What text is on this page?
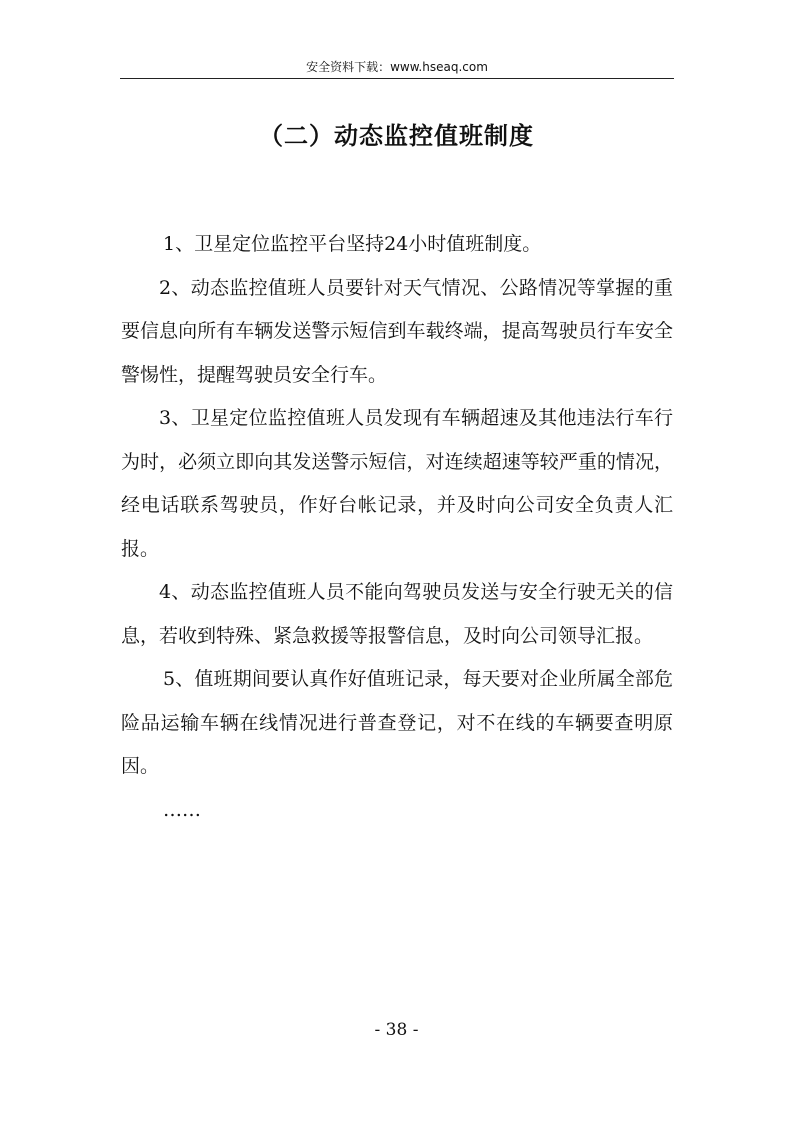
安全资料下载：www.hseaq.com
（二）动态监控值班制度

1、卫星定位监控平台坚持24小时值班制度。

2、动态监控值班人员要针对天气情况、公路情况等掌握的重要信息向所有车辆发送警示短信到车载终端，提高驾驶员行车安全警惕性，提醒驾驶员安全行车。

3、卫星定位监控值班人员发现有车辆超速及其他违法行车行为时，必须立即向其发送警示短信，对连续超速等较严重的情况，经电话联系驾驶员，作好台帐记录，并及时向公司安全负责人汇报。

4、动态监控值班人员不能向驾驶员发送与安全行驶无关的信息，若收到特殊、紧急救援等报警信息，及时向公司领导汇报。

5、值班期间要认真作好值班记录，每天要对企业所属全部危险品运输车辆在线情况进行普查登记，对不在线的车辆要查明原因。

……

- 38 -
